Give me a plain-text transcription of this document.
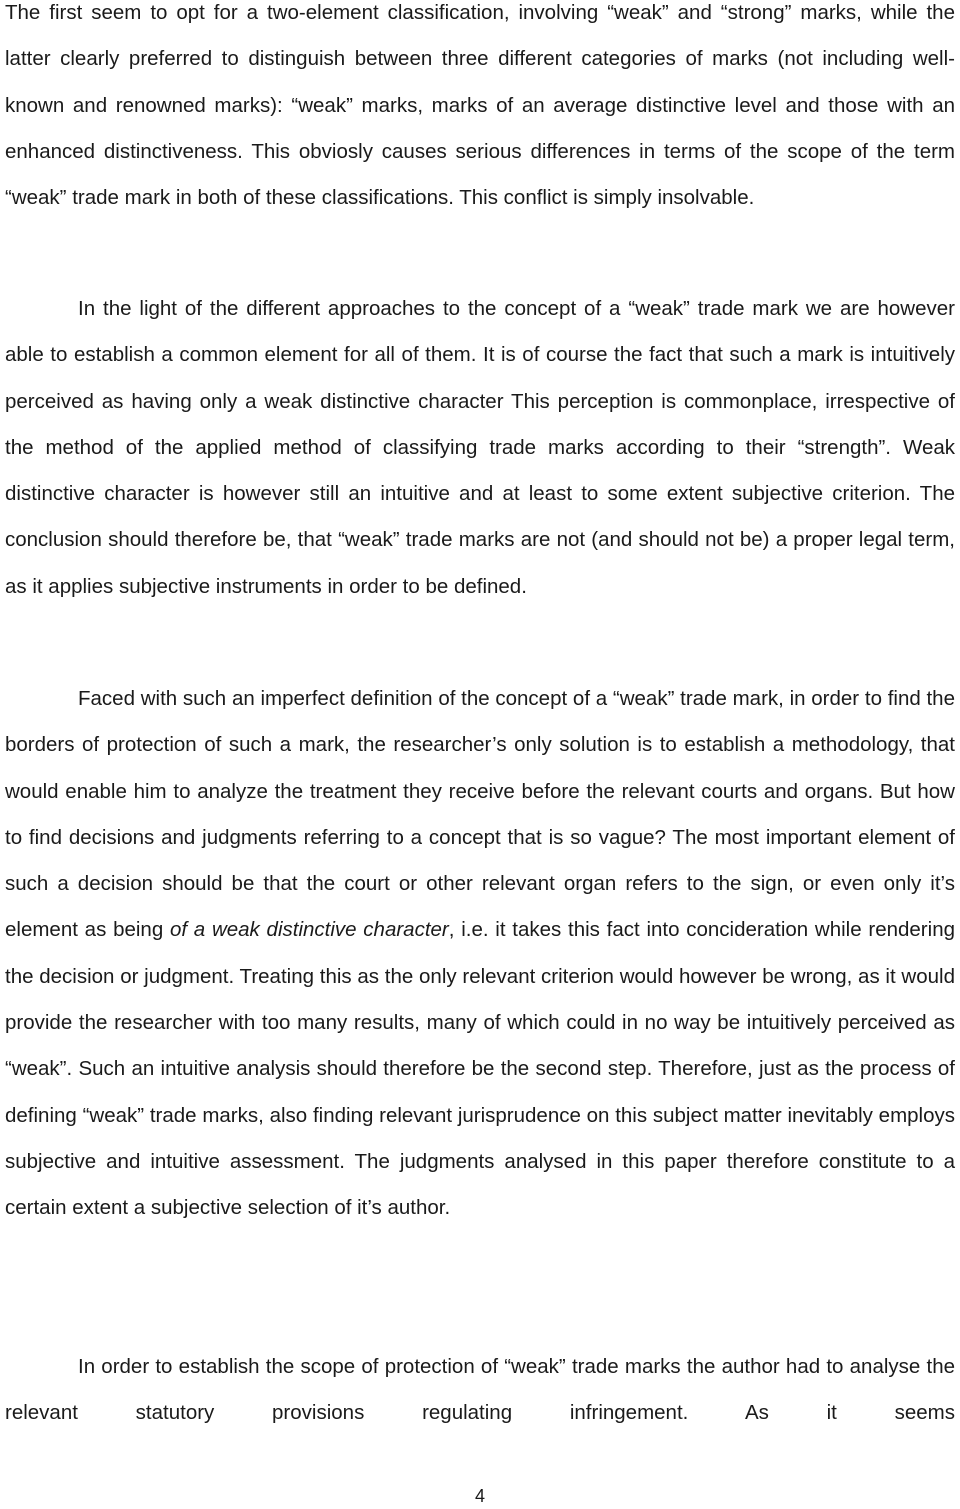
The first seem to opt for a two-element classification, involving “weak” and “strong” marks, while the latter clearly preferred to distinguish between three different categories of marks (not including well-known and renowned marks): “weak” marks, marks of an average distinctive level and those with an enhanced distinctiveness. This obviosly causes serious differences in terms of the scope of the term “weak” trade mark in both of these classifications. This conflict is simply insolvable.

In the light of the different approaches to the concept of a “weak” trade mark we are however able to establish a common element for all of them. It is of course the fact that such a mark is intuitively perceived as having only a weak distinctive character This perception is commonplace, irrespective of the method of the applied method of classifying trade marks according to their “strength”. Weak distinctive character is however still an intuitive and at least to some extent subjective criterion. The conclusion should therefore be, that “weak” trade marks are not (and should not be) a proper legal term, as it applies subjective instruments in order to be defined.

Faced with such an imperfect definition of the concept of a “weak” trade mark, in order to find the borders of protection of such a mark, the researcher’s only solution is to establish a methodology, that would enable him to analyze the treatment they receive before the relevant courts and organs. But how to find decisions and judgments referring to a concept that is so vague? The most important element of such a decision should be that the court or other relevant organ refers to the sign, or even only it’s element as being of a weak distinctive character, i.e. it takes this fact into concideration while rendering the decision or judgment. Treating this as the only relevant criterion would however be wrong, as it would provide the researcher with too many results, many of which could in no way be intuitively perceived as “weak”. Such an intuitive analysis should therefore be the second step. Therefore, just as the process of defining “weak” trade marks, also finding relevant jurisprudence on this subject matter inevitably employs subjective and intuitive assessment. The judgments analysed in this paper therefore constitute to a certain extent a subjective selection of it’s author.

In order to establish the scope of protection of “weak” trade marks the author had to analyse the relevant statutory provisions regulating infringement. As it seems

4
